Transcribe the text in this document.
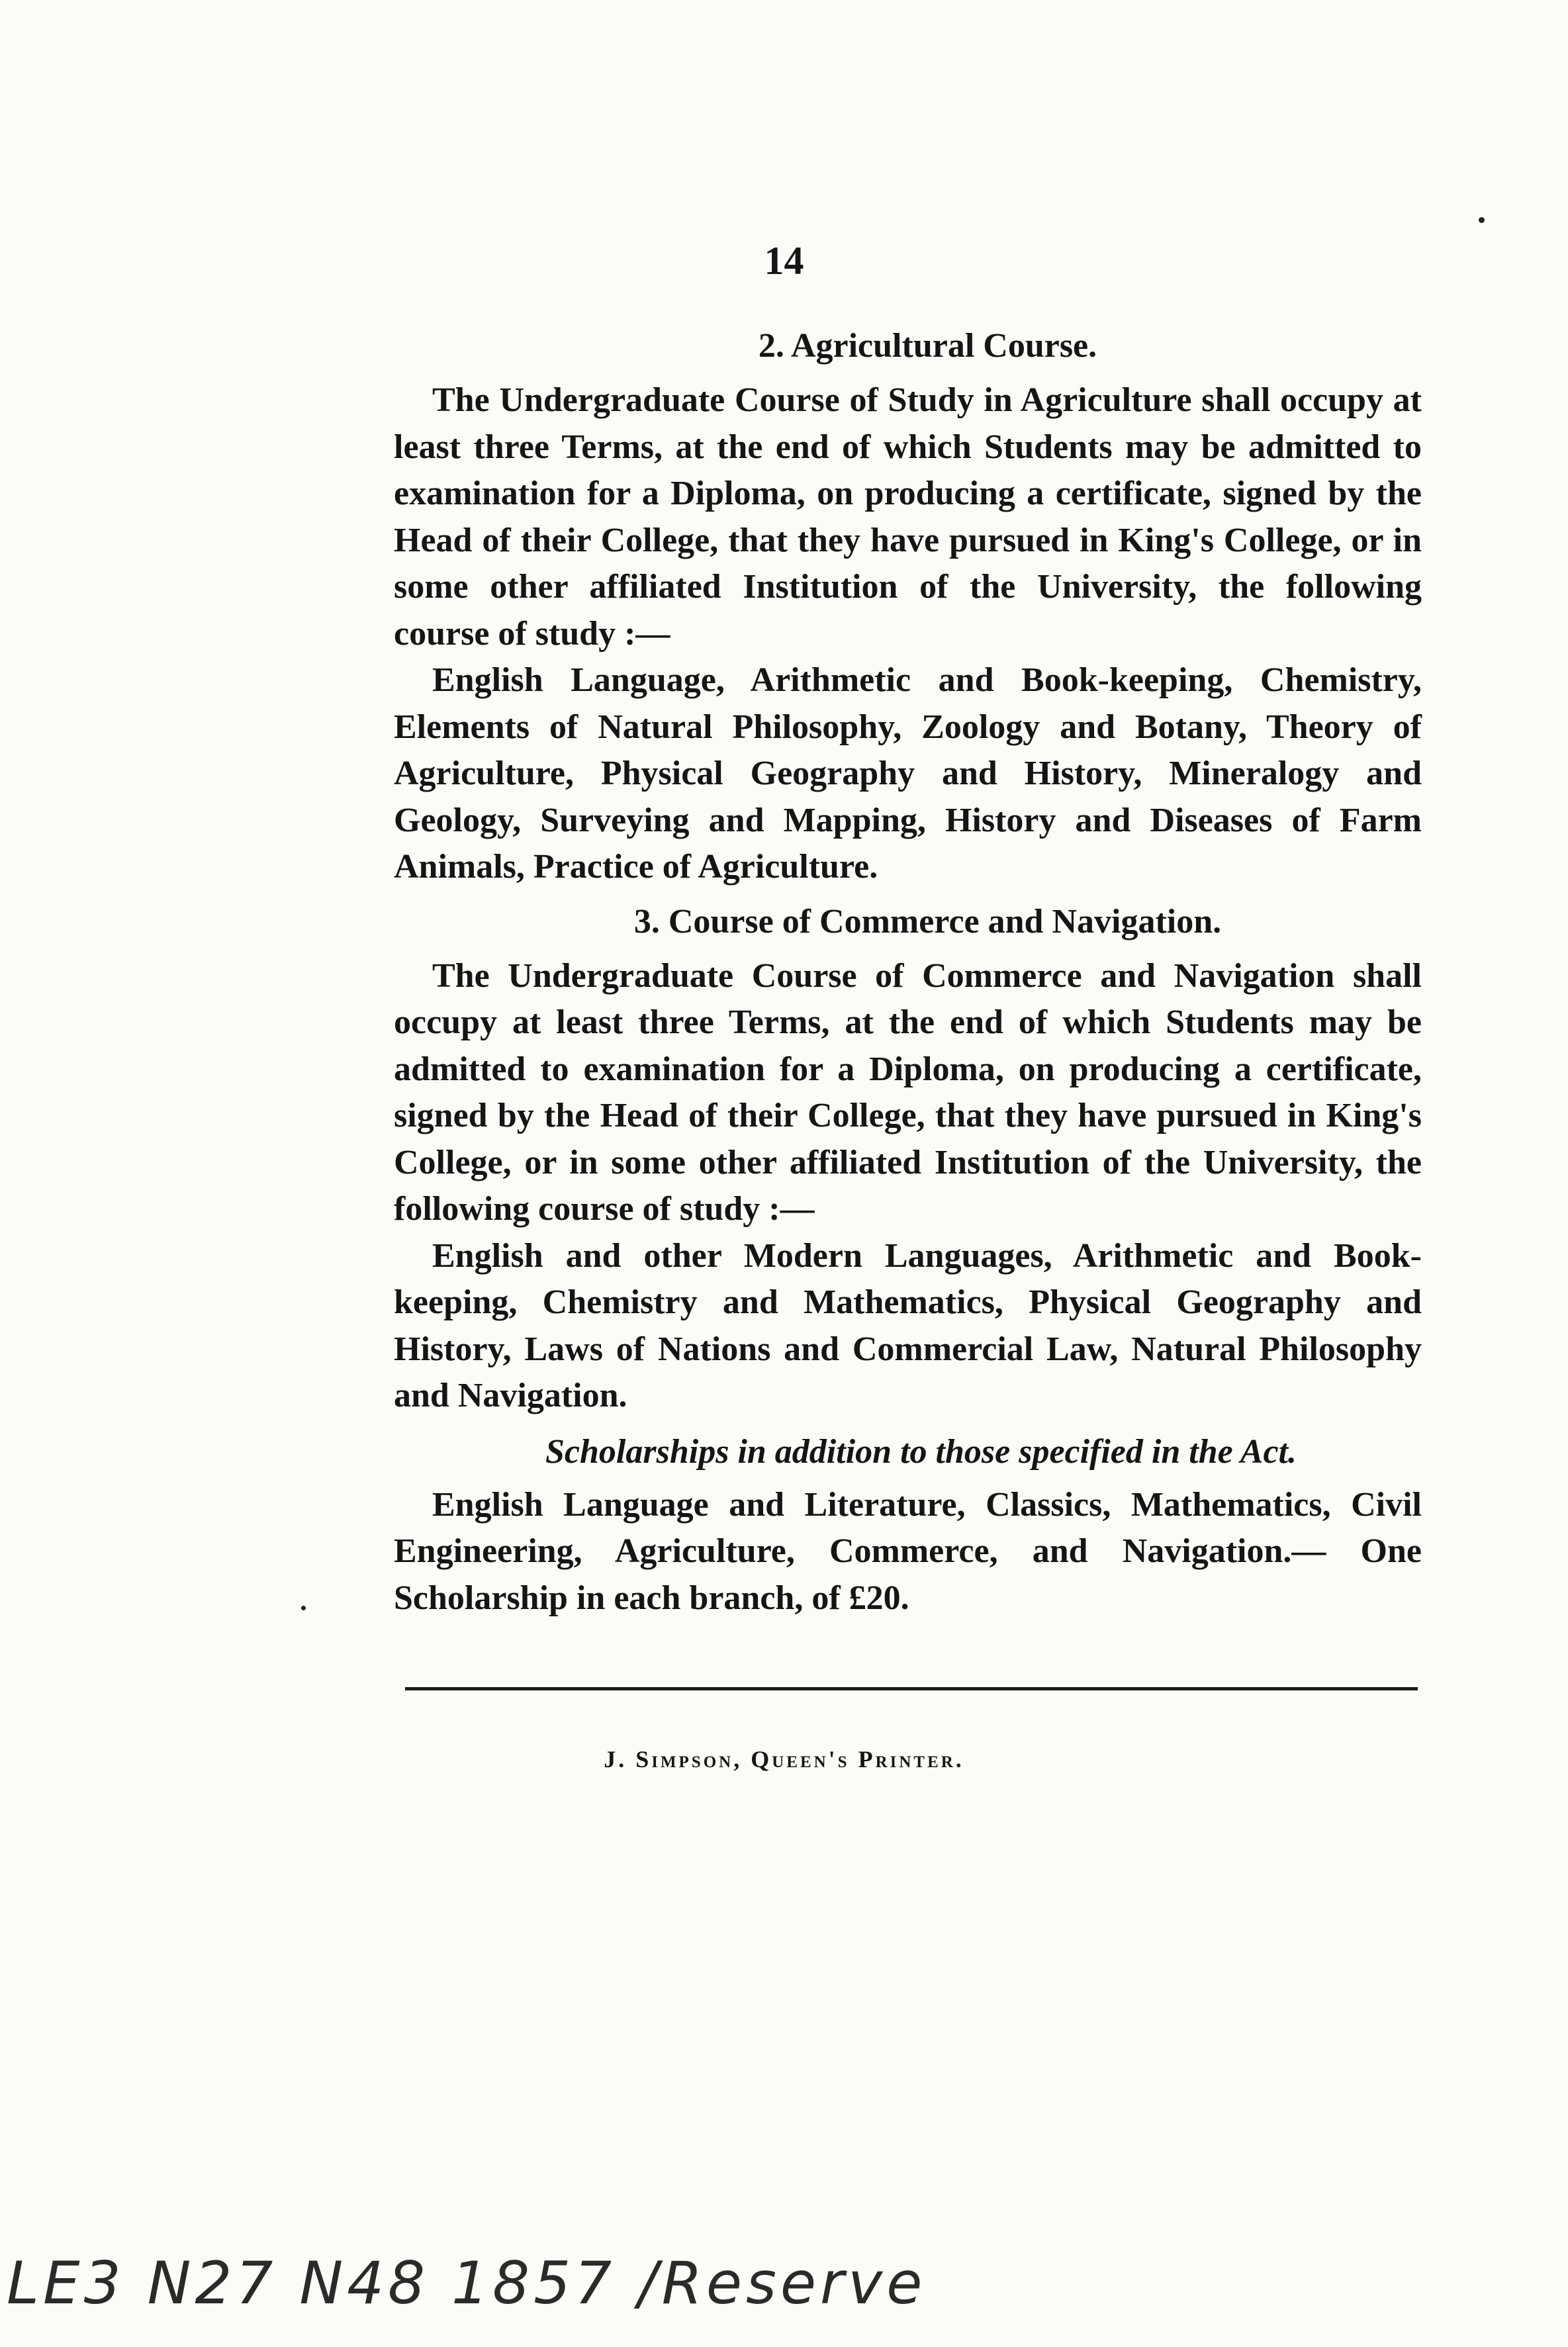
14
2. Agricultural Course.

The Undergraduate Course of Study in Agriculture shall occupy at least three Terms, at the end of which Students may be admitted to examination for a Diploma, on producing a certificate, signed by the Head of their College, that they have pursued in King's College, or in some other affiliated Institution of the University, the following course of study :—

English Language, Arithmetic and Book-keeping, Chemistry, Elements of Natural Philosophy, Zoology and Botany, Theory of Agriculture, Physical Geography and History, Mineralogy and Geology, Surveying and Mapping, History and Diseases of Farm Animals, Practice of Agriculture.

3. Course of Commerce and Navigation.

The Undergraduate Course of Commerce and Navigation shall occupy at least three Terms, at the end of which Students may be admitted to examination for a Diploma, on producing a certificate, signed by the Head of their College, that they have pursued in King's College, or in some other affiliated Institution of the University, the following course of study :—

English and other Modern Languages, Arithmetic and Bookkeeping, Chemistry and Mathematics, Physical Geography and History, Laws of Nations and Commercial Law, Natural Philosophy and Navigation.

Scholarships in addition to those specified in the Act.

English Language and Literature, Classics, Mathematics, Civil Engineering, Agriculture, Commerce, and Navigation.— One Scholarship in each branch, of £20.

J. Simpson, Queen's Printer.
LE3 N27 N48 1857 /Reserve
